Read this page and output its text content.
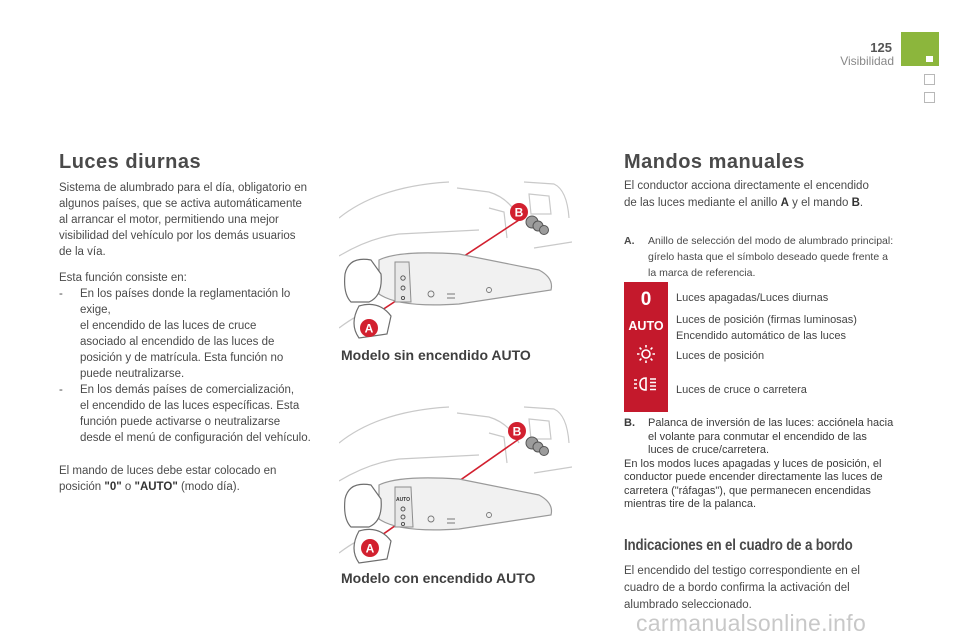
125
Visibilidad
Luces diurnas

Sistema de alumbrado para el día, obligatorio en algunos países, que se activa automáticamente al arrancar el motor, permitiendo una mejor visibilidad del vehículo por los demás usuarios de la vía.

Esta función consiste en:

- En los países donde la reglamentación lo
exige,
el encendido de las luces de cruce
asociado al encendido de las luces de
posición y de matrícula. Esta función no
puede neutralizarse.
- En los demás países de comercialización,
el encendido de las luces específicas. Esta
función puede activarse o neutralizarse
desde el menú de configuración del vehículo.

El mando de luces debe estar colocado en posición "0" o "AUTO" (modo día).

B
A
Modelo sin encendido AUTO
AUTO
B
A
Modelo con encendido AUTO
Mandos manuales

El conductor acciona directamente el encendido de las luces mediante el anillo A y el mando B.

A.	Anillo de selección del modo de alumbrado principal: gírelo hasta que el símbolo deseado quede frente a la marca de referencia.
0
AUTO
Luces apagadas/Luces diurnas
Luces de posición (firmas luminosas)
Encendido automático de las luces
Luces de posición
Luces de cruce o carretera
B. Palanca de inversión de las luces: acciónela hacia el volante para conmutar el encendido de las luces de cruce/carretera.
En los modos luces apagadas y luces de posición, el conductor puede encender directamente las luces de carretera ("ráfagas"), que permanecen encendidas mientras tire de la palanca.
Indicaciones en el cuadro de a bordo

El encendido del testigo correspondiente en el cuadro de a bordo confirma la activación del alumbrado seleccionado.

carmanualsonline.info
